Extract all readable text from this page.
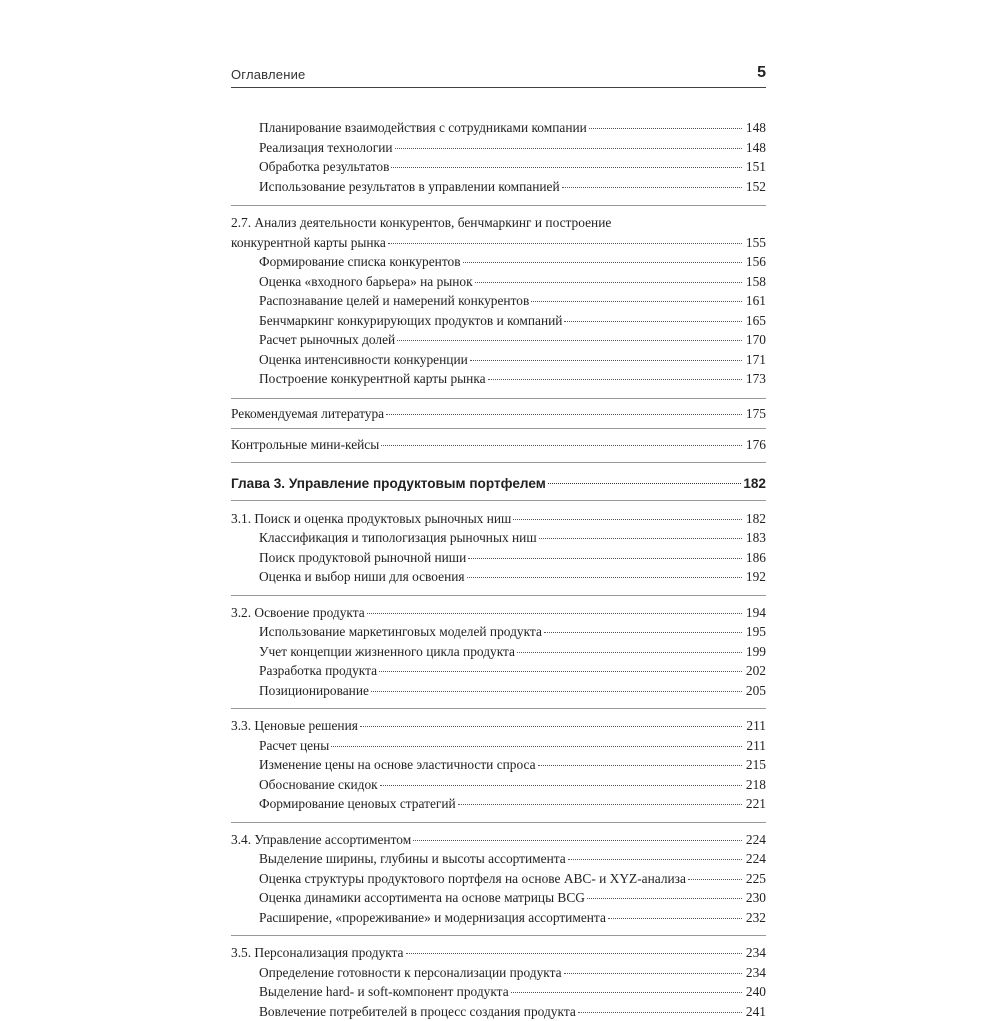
Оглавление	5
Планирование взаимодействия с сотрудниками компании	148
Реализация технологии	148
Обработка результатов	151
Использование результатов в управлении компанией	152
2.7. Анализ деятельности конкурентов, бенчмаркинг и построение
конкурентной карты рынка	155
Формирование списка конкурентов	156
Оценка «входного барьера» на рынок	158
Распознавание целей и намерений конкурентов	161
Бенчмаркинг конкурирующих продуктов и компаний	165
Расчет рыночных долей	170
Оценка интенсивности конкуренции	171
Построение конкурентной карты рынка	173
Рекомендуемая литература	175
Контрольные мини-кейсы	176
Глава 3. Управление продуктовым портфелем	182
3.1. Поиск и оценка продуктовых рыночных ниш	182
Классификация и типологизация рыночных ниш	183
Поиск продуктовой рыночной ниши	186
Оценка и выбор ниши для освоения	192
3.2. Освоение продукта	194
Использование маркетинговых моделей продукта	195
Учет концепции жизненного цикла продукта	199
Разработка продукта	202
Позиционирование	205
3.3. Ценовые решения	211
Расчет цены	211
Изменение цены на основе эластичности спроса	215
Обоснование скидок	218
Формирование ценовых стратегий	221
3.4. Управление ассортиментом	224
Выделение ширины, глубины и высоты ассортимента	224
Оценка структуры продуктового портфеля на основе ABC- и XYZ-анализа	225
Оценка динамики ассортимента на основе матрицы BCG	230
Расширение, «прореживание» и модернизация ассортимента	232
3.5. Персонализация продукта	234
Определение готовности к персонализации продукта	234
Выделение hard- и soft-компонент продукта	240
Вовлечение потребителей в процесс создания продукта	241
